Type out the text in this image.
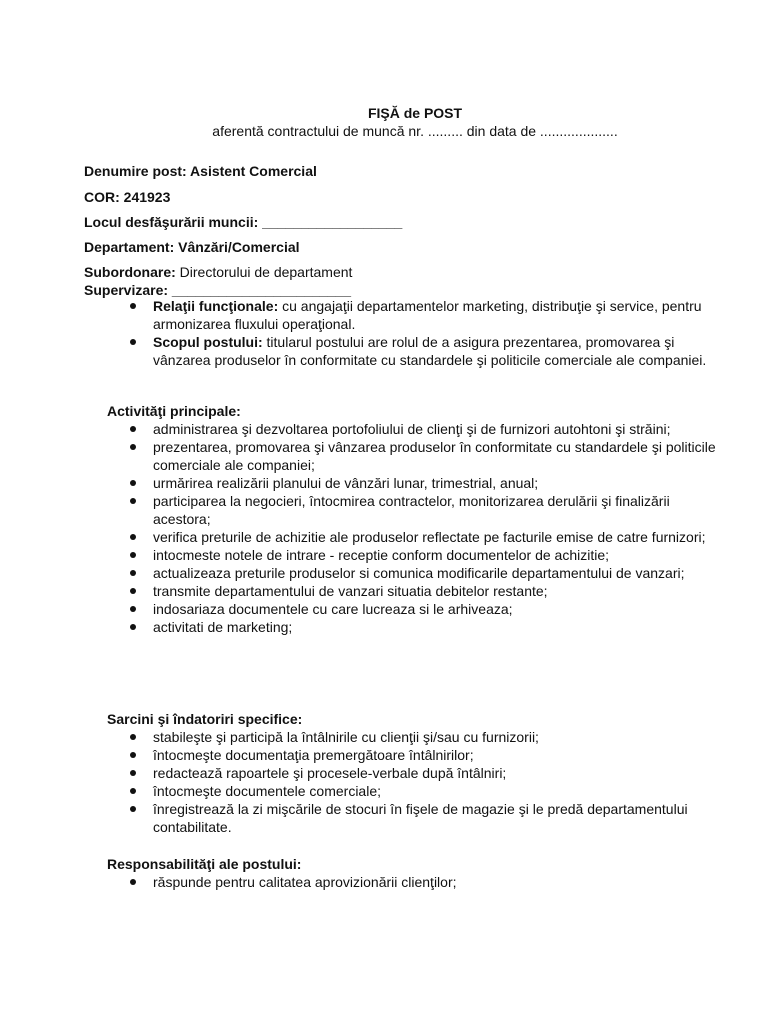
FIŞĂ de POST

aferentă contractului de muncă nr. ......... din data de ....................

Denumire post: Asistent Comercial

COR: 241923

Locul desfăşurării muncii: __________________

Departament: Vânzări/Comercial

Subordonare: Directorului de departament

Supervizare: _______________________

Relaţii funcţionale: cu angajaţii departamentelor marketing, distribuţie şi service, pentru armonizarea fluxului operaţional.
Scopul postului: titularul postului are rolul de a asigura prezentarea, promovarea şi vânzarea produselor în conformitate cu standardele şi politicile comerciale ale companiei.

Activităţi principale:

administrarea şi dezvoltarea portofoliului de clienţi şi de furnizori autohtoni şi străini;
prezentarea, promovarea şi vânzarea produselor în conformitate cu standardele şi politicile comerciale ale companiei;
urmărirea realizării planului de vânzări lunar, trimestrial, anual;
participarea la negocieri, întocmirea contractelor, monitorizarea derulării şi finalizării acestora;
verifica preturile de achizitie ale produselor reflectate pe facturile emise de catre furnizori;
intocmeste notele de intrare - receptie conform documentelor de achizitie;
actualizeaza preturile produselor si comunica modificarile departamentului de vanzari;
transmite departamentului de vanzari situatia debitelor restante;
indosariaza documentele cu care lucreaza si le arhiveaza;
activitati de marketing;

Sarcini şi îndatoriri specifice:

stabileşte şi participă la întâlnirile cu clienţii şi/sau cu furnizorii;
întocmeşte documentaţia premergătoare întâlnirilor;
redactează rapoartele şi procesele-verbale după întâlniri;
întocmeşte documentele comerciale;
înregistrează la zi mişcările de stocuri în fişele de magazie şi le predă departamentului contabilitate.

Responsabilităţi ale postului:

răspunde pentru calitatea aprovizionării clienţilor;
